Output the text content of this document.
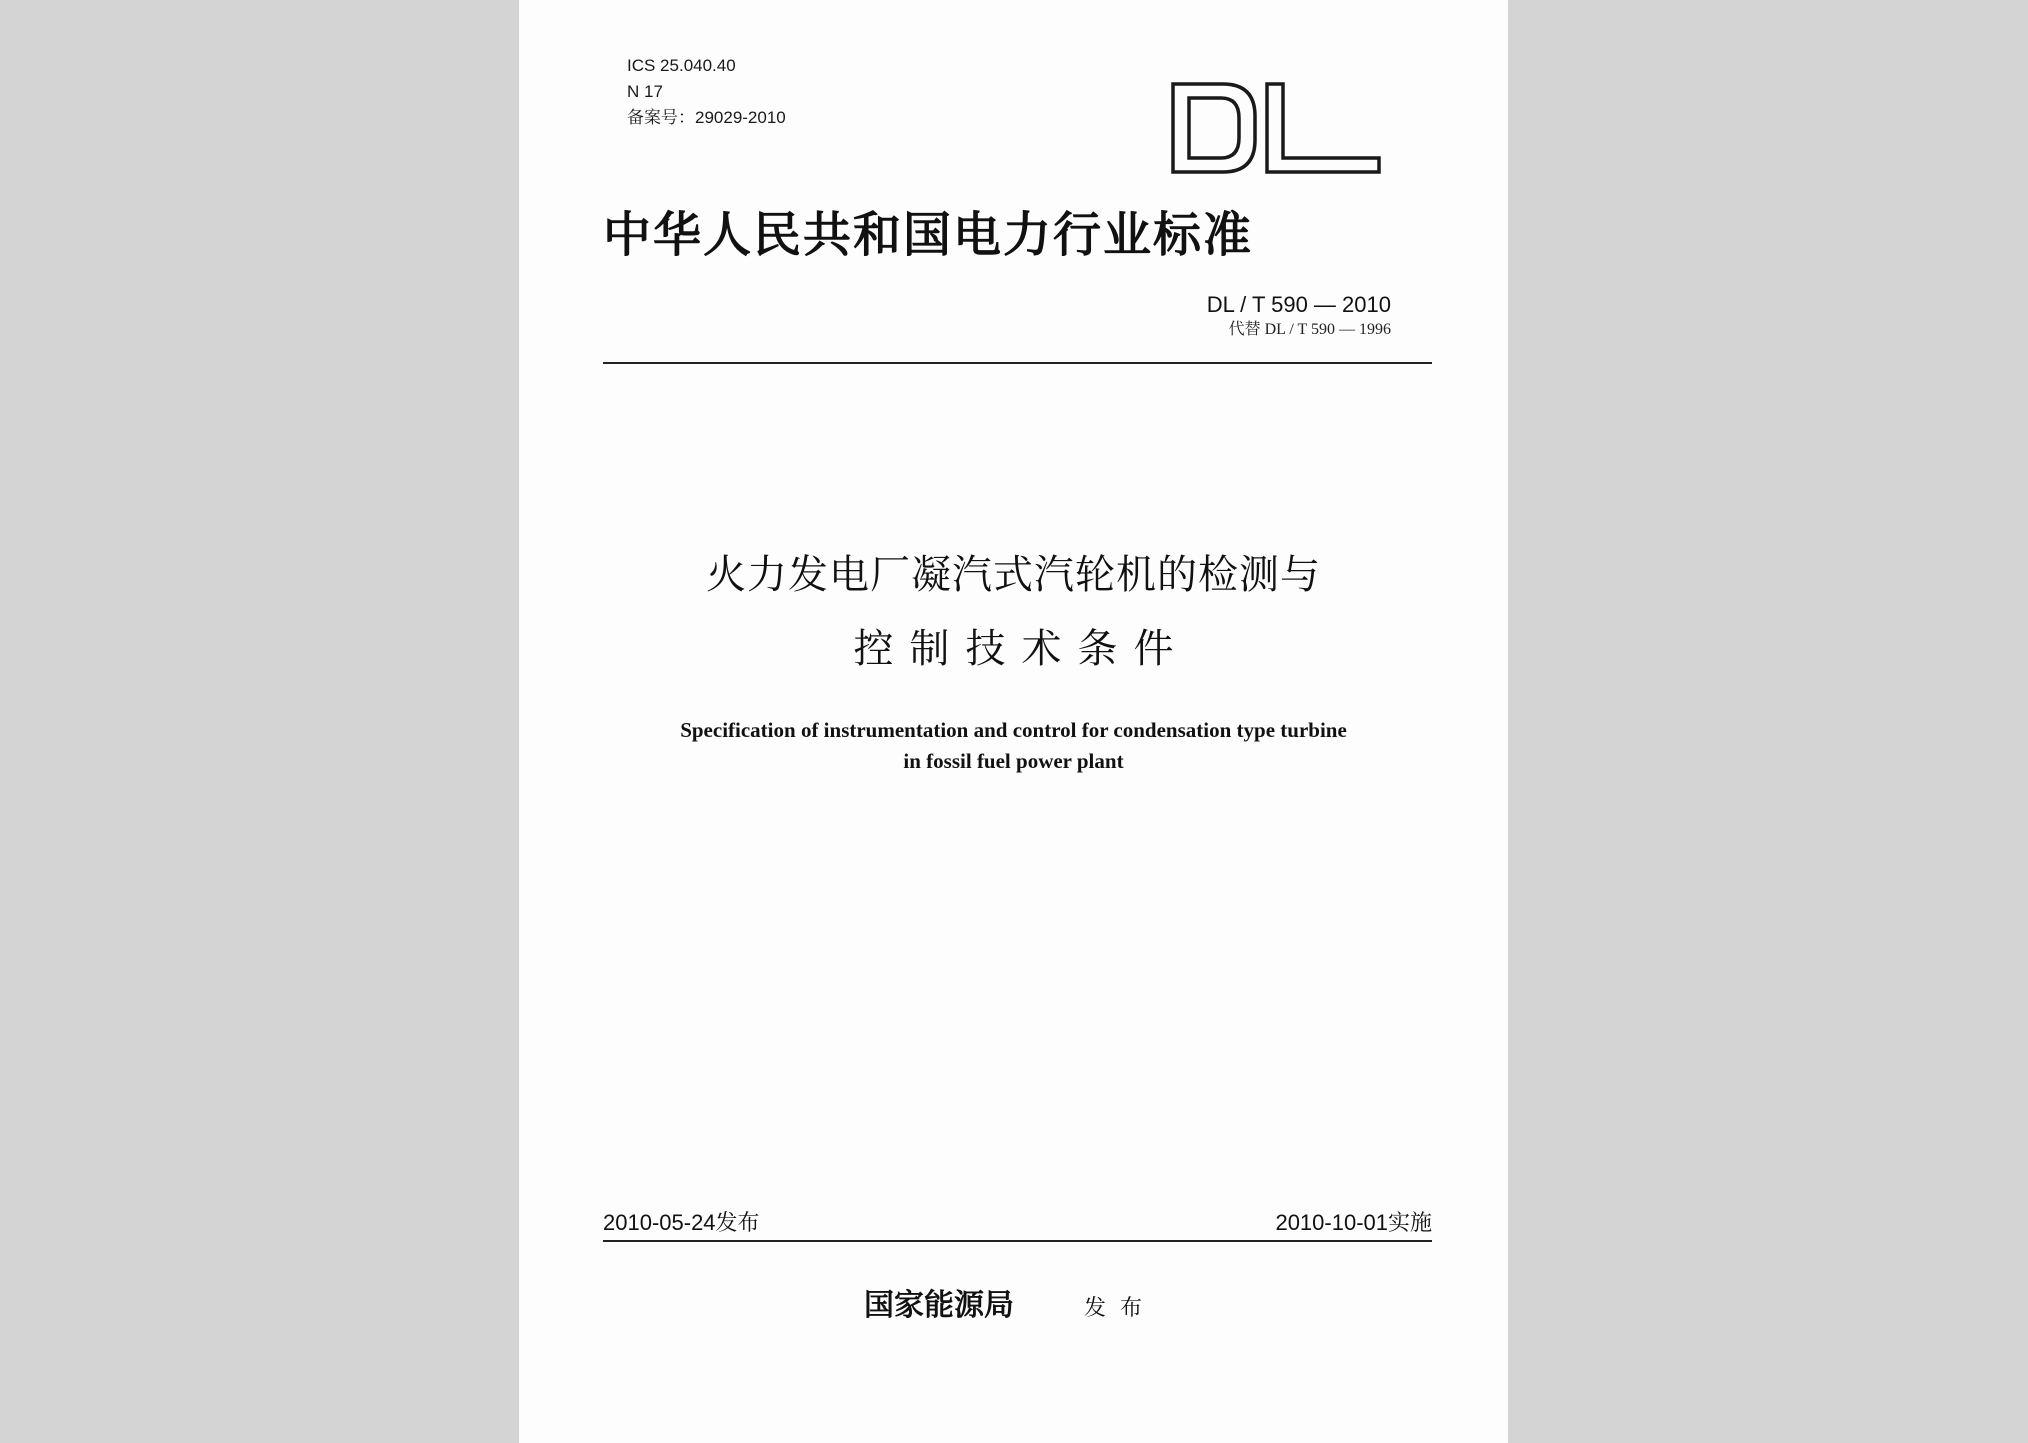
ICS 25.040.40
N 17
备案号：29029-2010
中华人民共和国电力行业标准
DL / T 590 — 2010
代替 DL / T 590 — 1996
火力发电厂凝汽式汽轮机的检测与
控制技术条件
Specification of instrumentation and control for condensation type turbine
in fossil fuel power plant
2010-05-24发布	2010-10-01实施
国家能源局	发布
